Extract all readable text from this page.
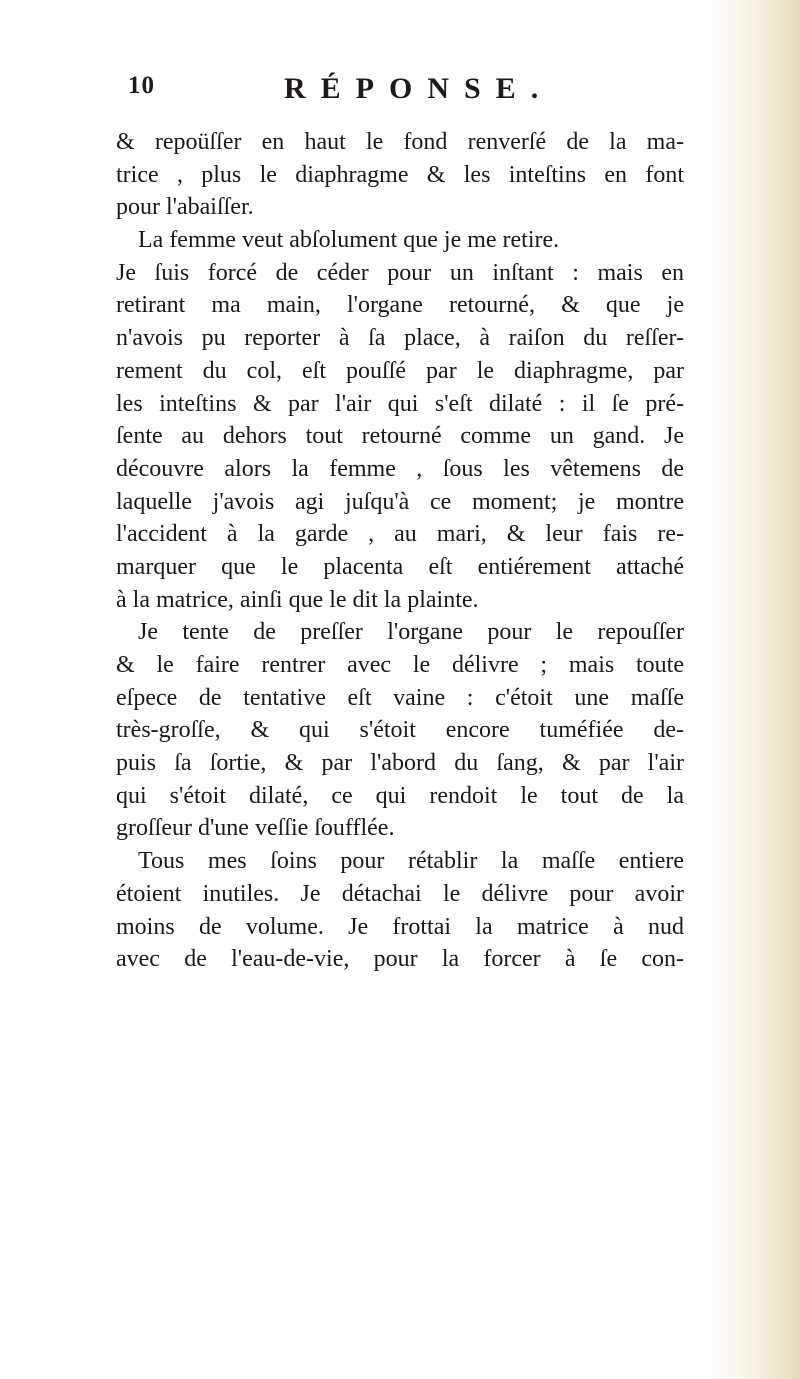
10	RÉPONSE.
& repoüſſer en haut le fond renverſé de la ma-
trice , plus le diaphragme & les inteſtins en font
pour l'abaiſſer.
La femme veut abſolument que je me retire.
Je ſuis forcé de céder pour un inſtant : mais en
retirant ma main, l'organe retourné, & que je
n'avois pu reporter à ſa place, à raiſon du reſſer-
rement du col, eſt pouſſé par le diaphragme, par
les inteſtins & par l'air qui s'eſt dilaté : il ſe pré-
ſente au dehors tout retourné comme un gand. Je
découvre alors la femme , ſous les vêtemens de
laquelle j'avois agi juſqu'à ce moment; je montre
l'accident à la garde , au mari, & leur fais re-
marquer que le placenta eſt entiérement attaché
à la matrice, ainſi que le dit la plainte.
Je tente de preſſer l'organe pour le repouſſer
& le faire rentrer avec le délivre ; mais toute
eſpece de tentative eſt vaine : c'étoit une maſſe
très-groſſe, & qui s'étoit encore tuméfiée de-
puis ſa ſortie, & par l'abord du ſang, & par l'air
qui s'étoit dilaté, ce qui rendoit le tout de la
groſſeur d'une veſſie ſoufflée.
Tous mes ſoins pour rétablir la maſſe entiere
étoient inutiles. Je détachai le délivre pour avoir
moins de volume. Je frottai la matrice à nud
avec de l'eau-de-vie, pour la forcer à ſe con-
